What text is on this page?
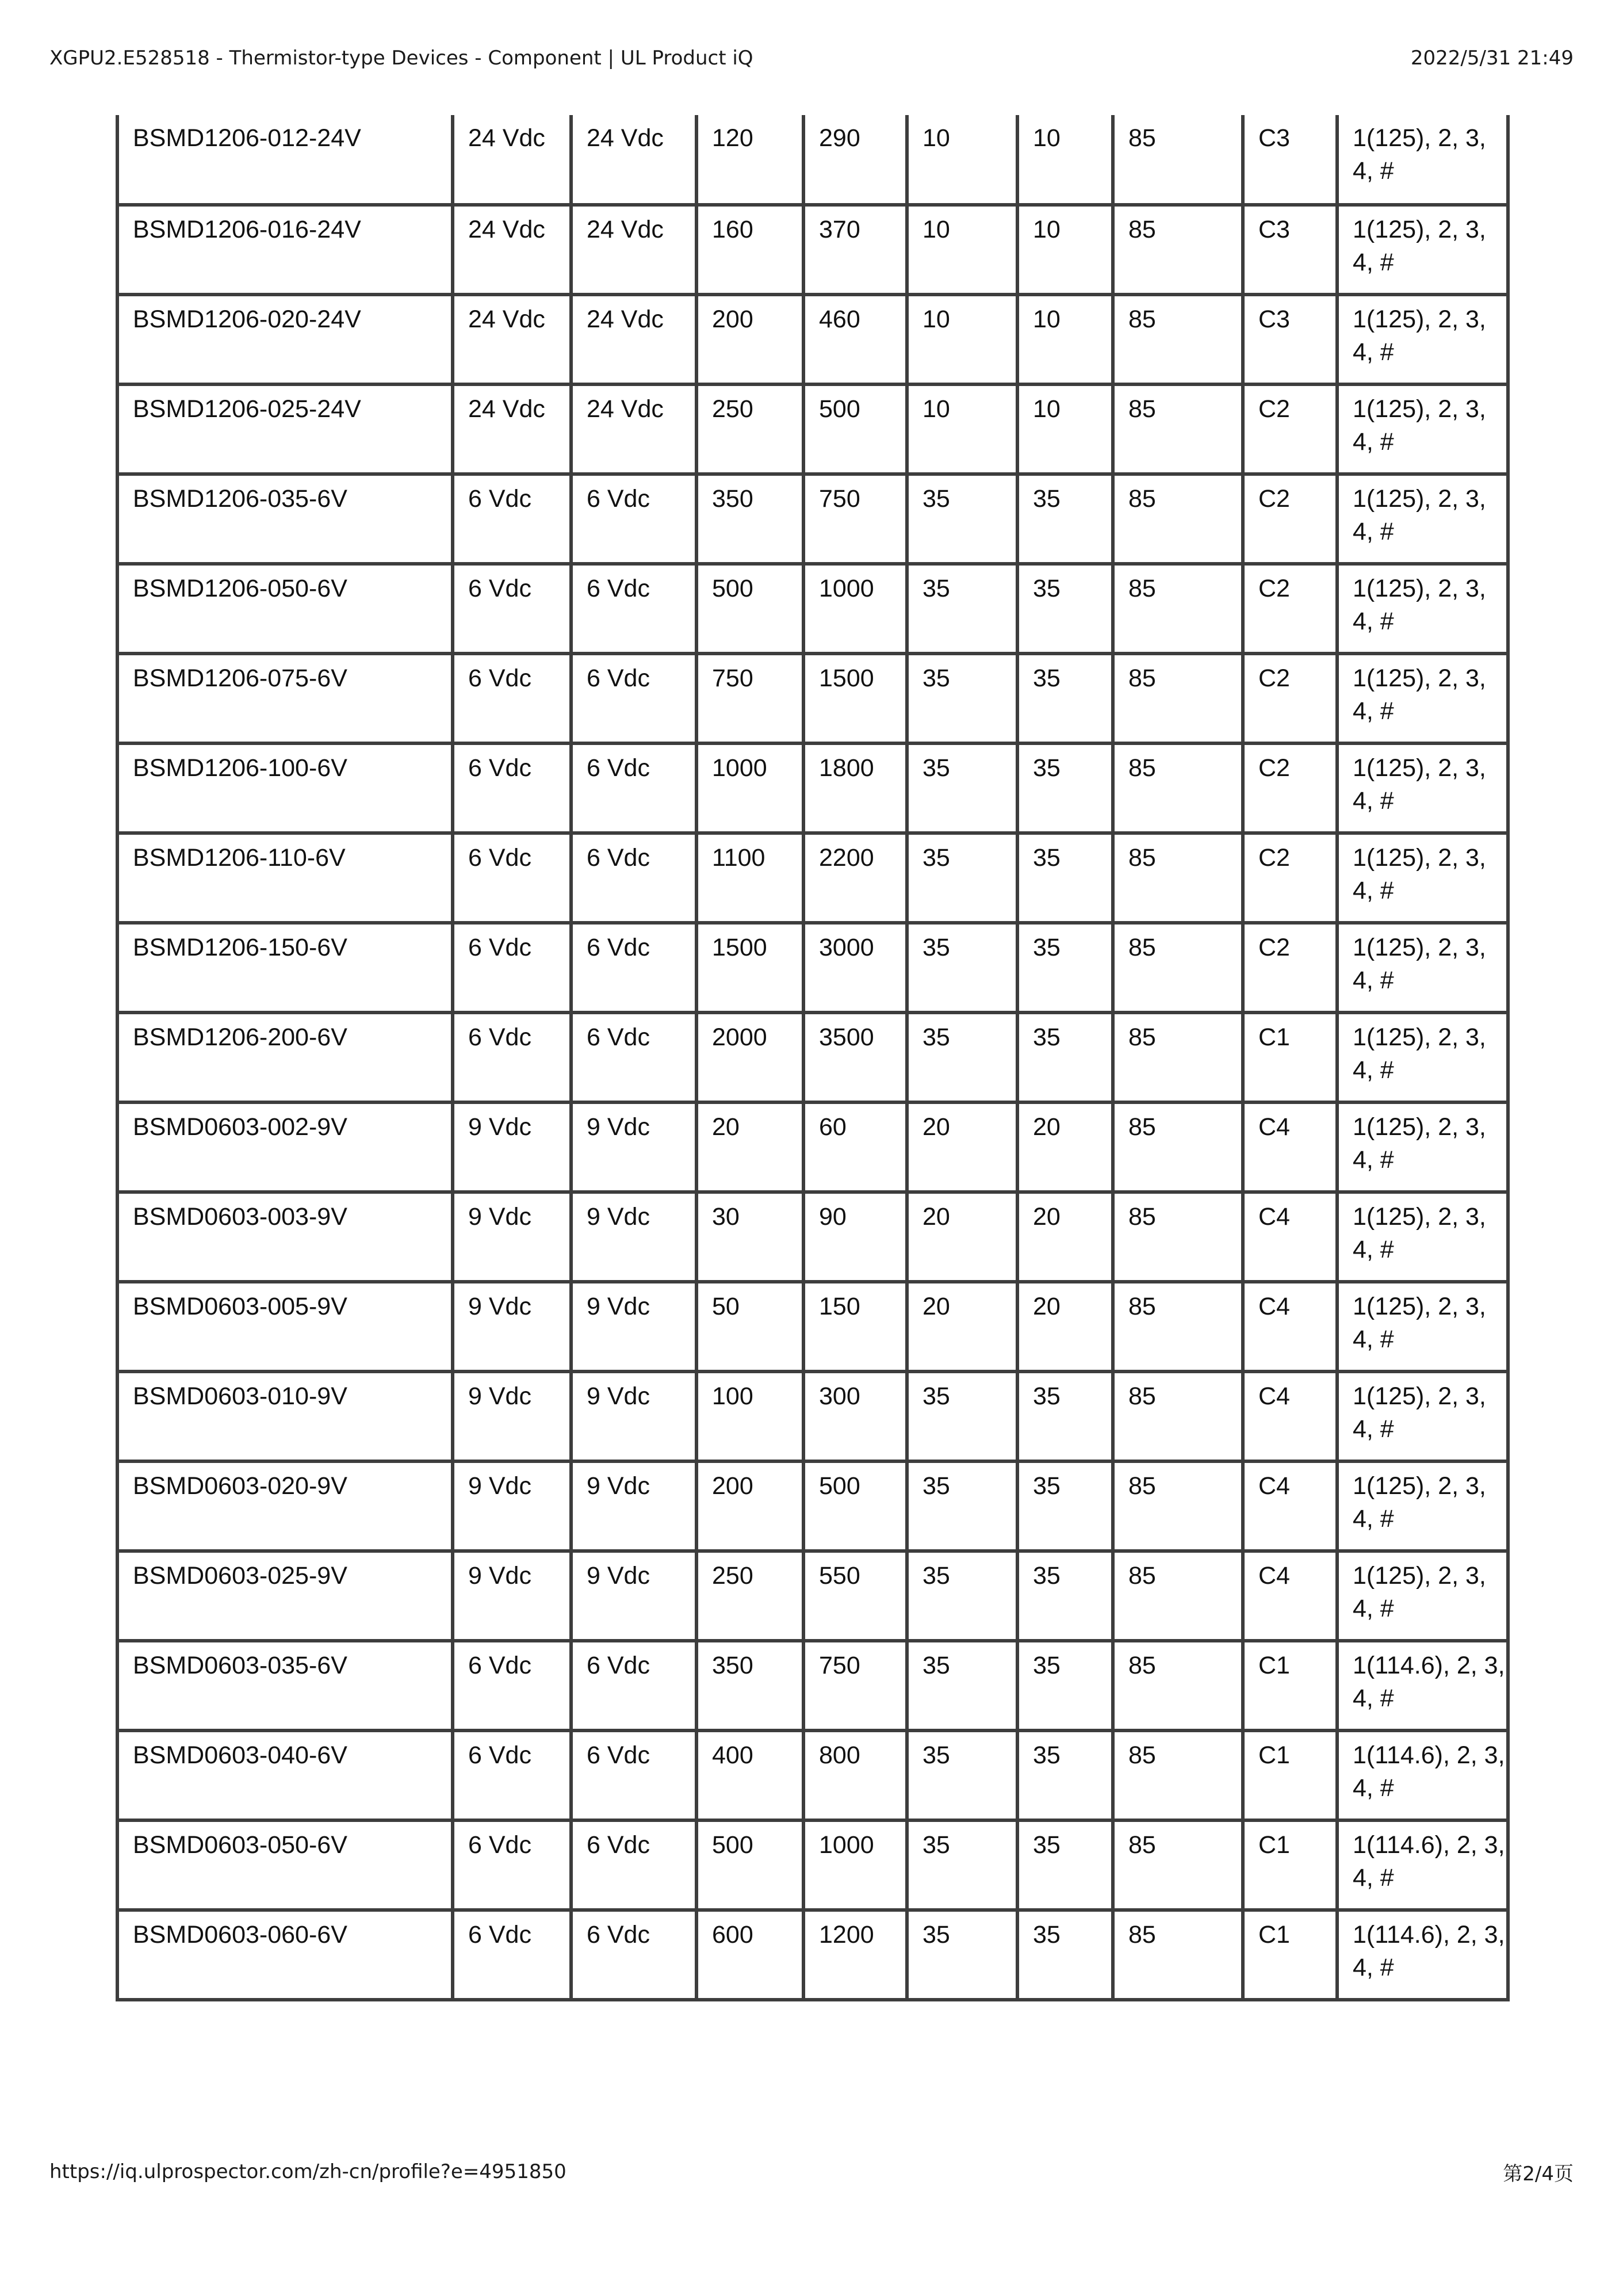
XGPU2.E528518 - Thermistor-type Devices - Component | UL Product iQ	2022/5/31 21:49
BSMD1206-012-24V	24 Vdc	24 Vdc	120	290	10	10	85	C3	1(125), 2, 3, 4, #
BSMD1206-016-24V	24 Vdc	24 Vdc	160	370	10	10	85	C3	1(125), 2, 3, 4, #
BSMD1206-020-24V	24 Vdc	24 Vdc	200	460	10	10	85	C3	1(125), 2, 3, 4, #
BSMD1206-025-24V	24 Vdc	24 Vdc	250	500	10	10	85	C2	1(125), 2, 3, 4, #
BSMD1206-035-6V	6 Vdc	6 Vdc	350	750	35	35	85	C2	1(125), 2, 3, 4, #
BSMD1206-050-6V	6 Vdc	6 Vdc	500	1000	35	35	85	C2	1(125), 2, 3, 4, #
BSMD1206-075-6V	6 Vdc	6 Vdc	750	1500	35	35	85	C2	1(125), 2, 3, 4, #
BSMD1206-100-6V	6 Vdc	6 Vdc	1000	1800	35	35	85	C2	1(125), 2, 3, 4, #
BSMD1206-110-6V	6 Vdc	6 Vdc	1100	2200	35	35	85	C2	1(125), 2, 3, 4, #
BSMD1206-150-6V	6 Vdc	6 Vdc	1500	3000	35	35	85	C2	1(125), 2, 3, 4, #
BSMD1206-200-6V	6 Vdc	6 Vdc	2000	3500	35	35	85	C1	1(125), 2, 3, 4, #
BSMD0603-002-9V	9 Vdc	9 Vdc	20	60	20	20	85	C4	1(125), 2, 3, 4, #
BSMD0603-003-9V	9 Vdc	9 Vdc	30	90	20	20	85	C4	1(125), 2, 3, 4, #
BSMD0603-005-9V	9 Vdc	9 Vdc	50	150	20	20	85	C4	1(125), 2, 3, 4, #
BSMD0603-010-9V	9 Vdc	9 Vdc	100	300	35	35	85	C4	1(125), 2, 3, 4, #
BSMD0603-020-9V	9 Vdc	9 Vdc	200	500	35	35	85	C4	1(125), 2, 3, 4, #
BSMD0603-025-9V	9 Vdc	9 Vdc	250	550	35	35	85	C4	1(125), 2, 3, 4, #
BSMD0603-035-6V	6 Vdc	6 Vdc	350	750	35	35	85	C1	1(114.6), 2, 3, 4, #
BSMD0603-040-6V	6 Vdc	6 Vdc	400	800	35	35	85	C1	1(114.6), 2, 3, 4, #
BSMD0603-050-6V	6 Vdc	6 Vdc	500	1000	35	35	85	C1	1(114.6), 2, 3, 4, #
BSMD0603-060-6V	6 Vdc	6 Vdc	600	1200	35	35	85	C1	1(114.6), 2, 3, 4, #
https://iq.ulprospector.com/zh-cn/profile?e=4951850	第2/4页
